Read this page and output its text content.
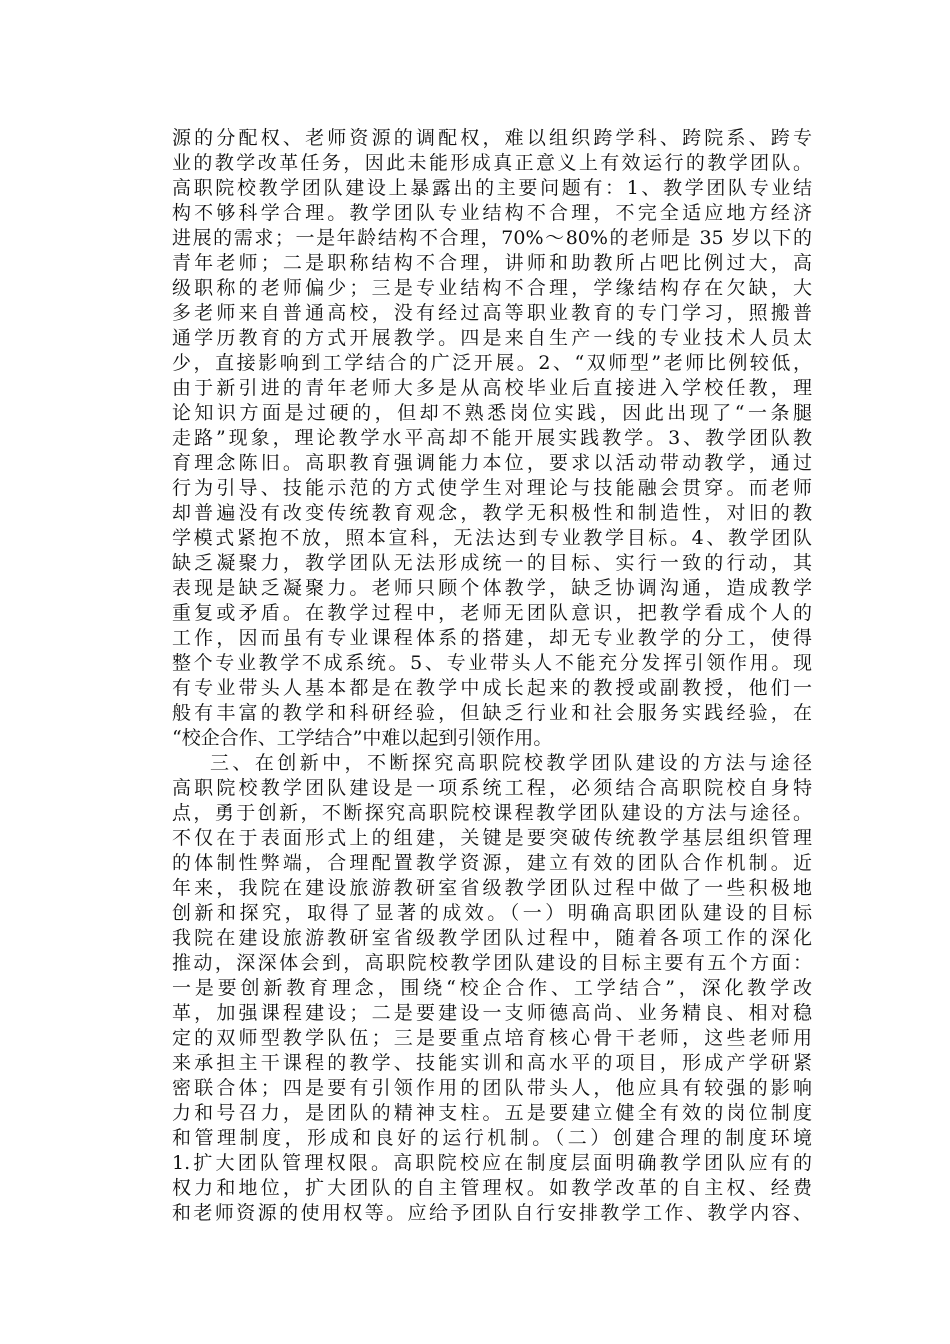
源的分配权、老师资源的调配权，难以组织跨学科、跨院系、跨专
业的教学改革任务，因此未能形成真正意义上有效运行的教学团队。
高职院校教学团队建设上暴露出的主要问题有：1、教学团队专业结
构不够科学合理。教学团队专业结构不合理，不完全适应地方经济
进展的需求；一是年龄结构不合理，70%～80%的老师是 35 岁以下的
青年老师；二是职称结构不合理，讲师和助教所占吧比例过大，高
级职称的老师偏少；三是专业结构不合理，学缘结构存在欠缺，大
多老师来自普通高校，没有经过高等职业教育的专门学习，照搬普
通学历教育的方式开展教学。四是来自生产一线的专业技术人员太
少，直接影响到工学结合的广泛开展。2、“双师型”老师比例较低，
由于新引进的青年老师大多是从高校毕业后直接进入学校任教，理
论知识方面是过硬的，但却不熟悉岗位实践，因此出现了“一条腿
走路”现象，理论教学水平高却不能开展实践教学。3、教学团队教
育理念陈旧。高职教育强调能力本位，要求以活动带动教学，通过
行为引导、技能示范的方式使学生对理论与技能融会贯穿。而老师
却普遍没有改变传统教育观念，教学无积极性和制造性，对旧的教
学模式紧抱不放，照本宣科，无法达到专业教学目标。4、教学团队
缺乏凝聚力，教学团队无法形成统一的目标、实行一致的行动，其
表现是缺乏凝聚力。老师只顾个体教学，缺乏协调沟通，造成教学
重复或矛盾。在教学过程中，老师无团队意识，把教学看成个人的
工作，因而虽有专业课程体系的搭建，却无专业教学的分工，使得
整个专业教学不成系统。5、专业带头人不能充分发挥引领作用。现
有专业带头人基本都是在教学中成长起来的教授或副教授，他们一
般有丰富的教学和科研经验，但缺乏行业和社会服务实践经验，在
“校企合作、工学结合”中难以起到引领作用。
三、在创新中，不断探究高职院校教学团队建设的方法与途径
高职院校教学团队建设是一项系统工程，必须结合高职院校自身特
点，勇于创新，不断探究高职院校课程教学团队建设的方法与途径。
不仅在于表面形式上的组建，关键是要突破传统教学基层组织管理
的体制性弊端，合理配置教学资源，建立有效的团队合作机制。近
年来，我院在建设旅游教研室省级教学团队过程中做了一些积极地
创新和探究，取得了显著的成效。（一）明确高职团队建设的目标
我院在建设旅游教研室省级教学团队过程中，随着各项工作的深化
推动，深深体会到，高职院校教学团队建设的目标主要有五个方面：
一是要创新教育理念，围绕“校企合作、工学结合”，深化教学改
革，加强课程建设；二是要建设一支师德高尚、业务精良、相对稳
定的双师型教学队伍；三是要重点培育核心骨干老师，这些老师用
来承担主干课程的教学、技能实训和高水平的项目，形成产学研紧
密联合体；四是要有引领作用的团队带头人，他应具有较强的影响
力和号召力，是团队的精神支柱。五是要建立健全有效的岗位制度
和管理制度，形成和良好的运行机制。（二）创建合理的制度环境
1.扩大团队管理权限。高职院校应在制度层面明确教学团队应有的
权力和地位，扩大团队的自主管理权。如教学改革的自主权、经费
和老师资源的使用权等。应给予团队自行安排教学工作、教学内容、
